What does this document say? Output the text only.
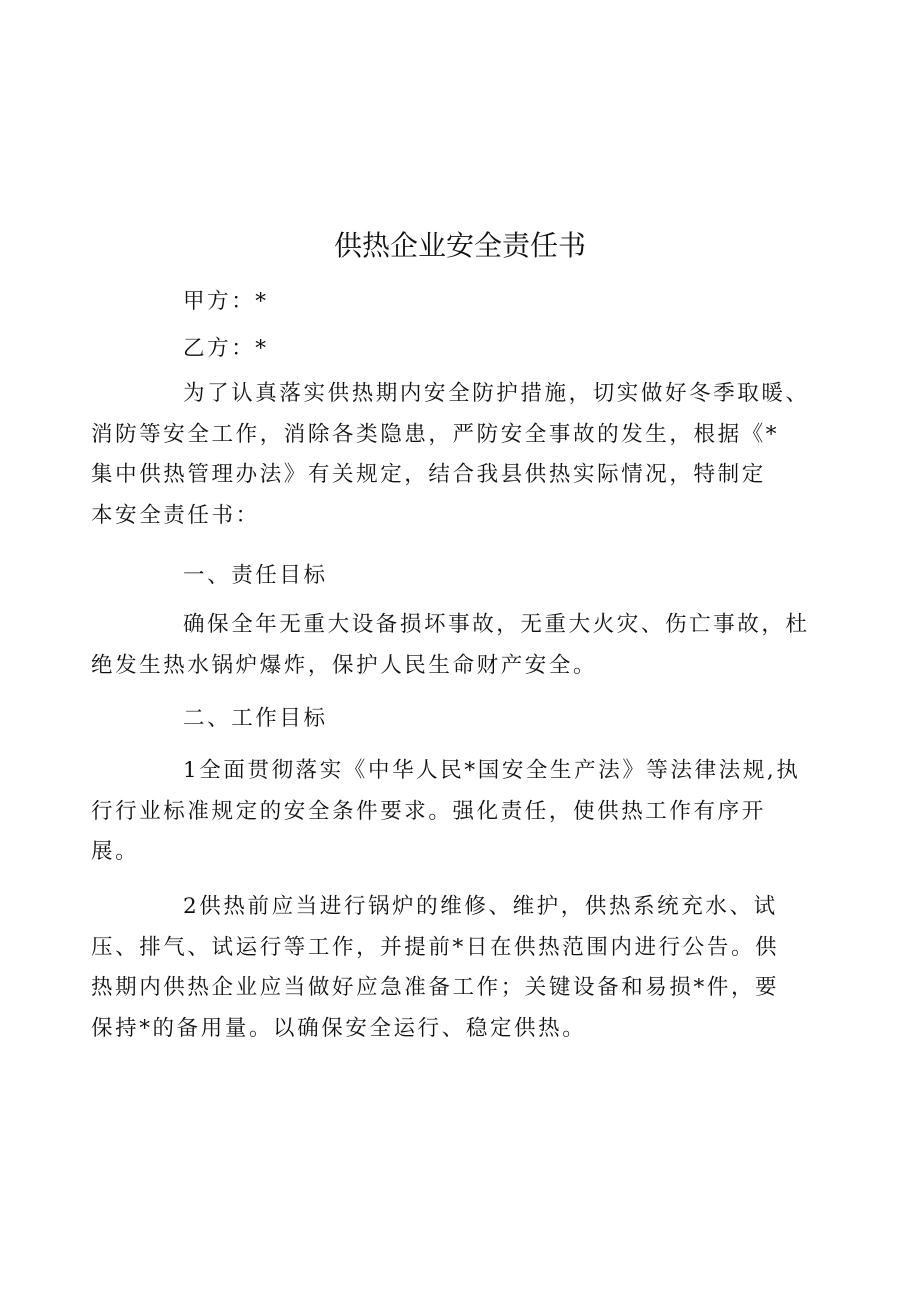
供热企业安全责任书

甲方：*

乙方：*

为了认真落实供热期内安全防护措施，切实做好冬季取暖、
消防等安全工作，消除各类隐患，严防安全事故的发生，根据《*
集中供热管理办法》有关规定，结合我县供热实际情况，特制定
本安全责任书：

一、责任目标

确保全年无重大设备损坏事故，无重大火灾、伤亡事故，杜
绝发生热水锅炉爆炸，保护人民生命财产安全。

二、工作目标

1全面贯彻落实《中华人民*国安全生产法》等法律法规,执
行行业标准规定的安全条件要求。强化责任，使供热工作有序开
展。

2供热前应当进行锅炉的维修、维护，供热系统充水、试
压、排气、试运行等工作，并提前*日在供热范围内进行公告。供
热期内供热企业应当做好应急准备工作；关键设备和易损*件，要
保持*的备用量。以确保安全运行、稳定供热。
